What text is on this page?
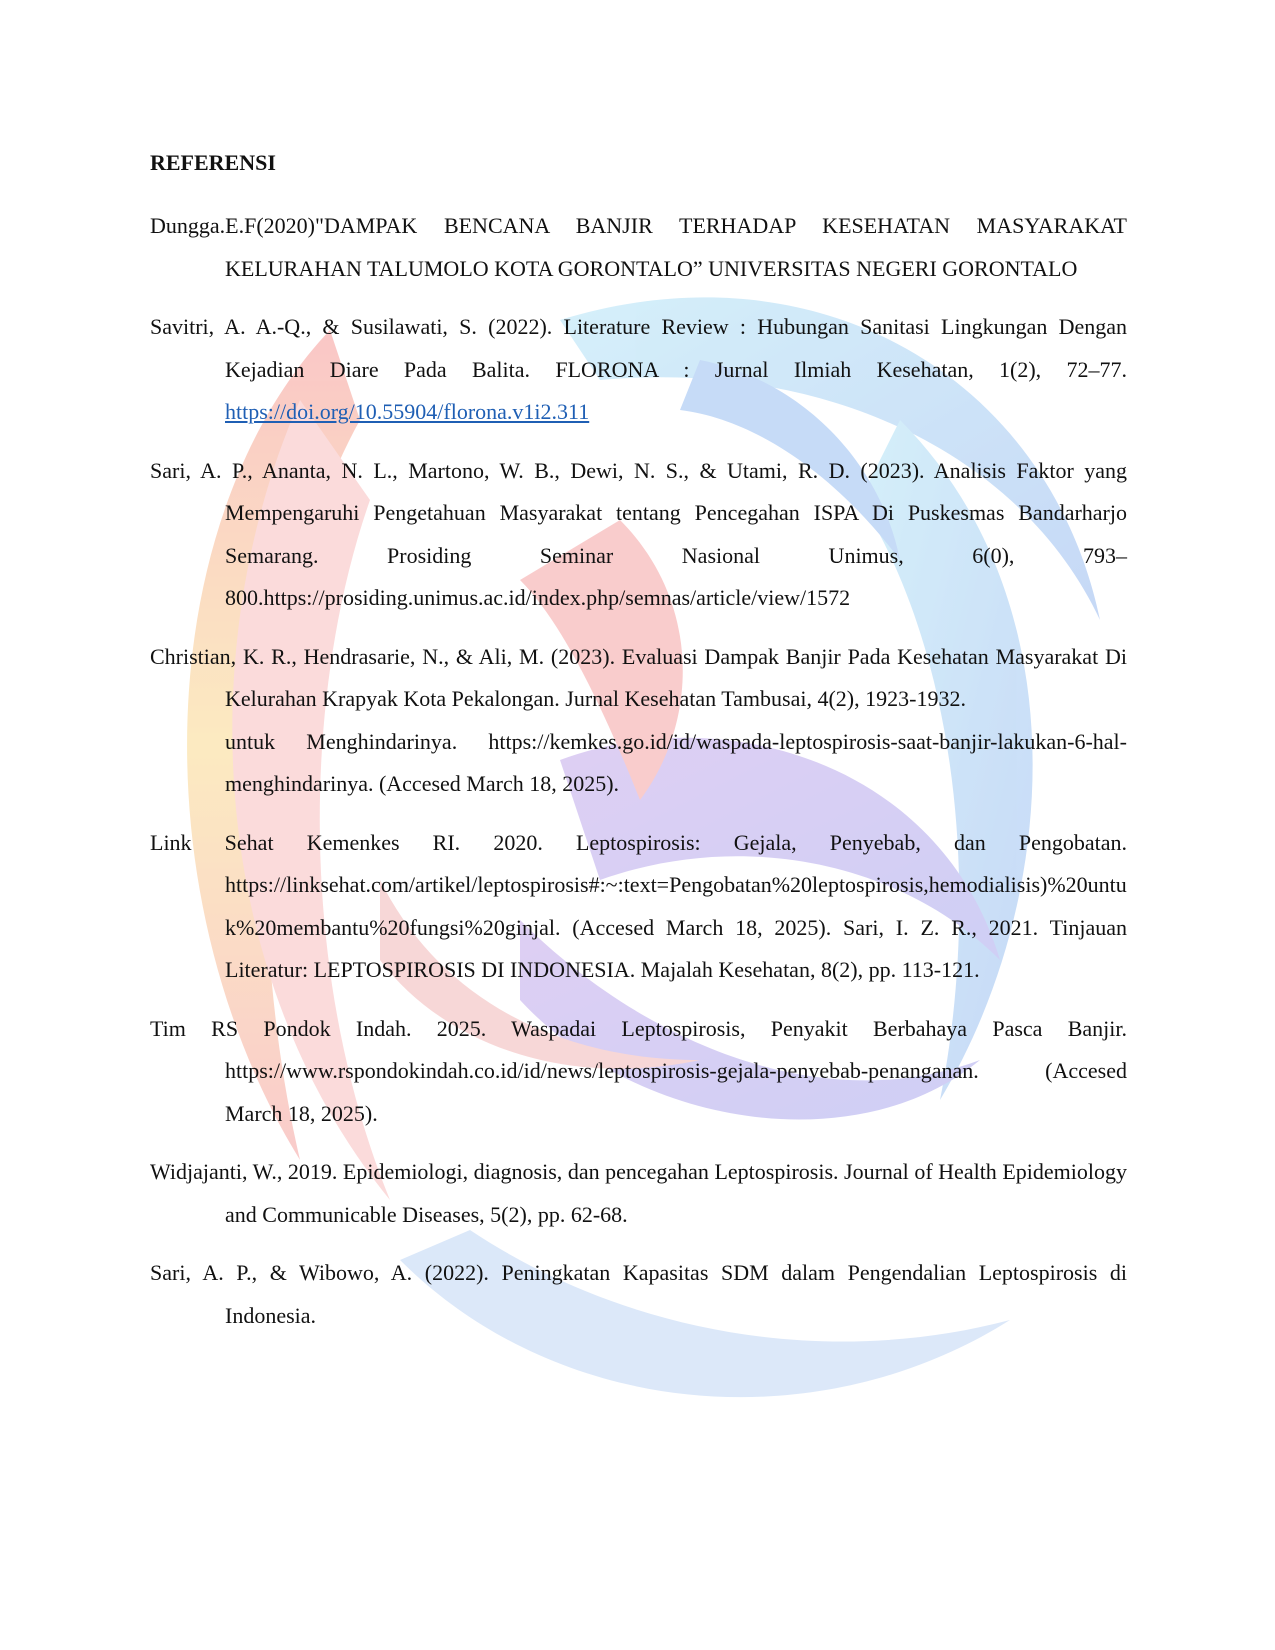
REFERENSI

Dungga.E.F(2020)"DAMPAK BENCANA BANJIR TERHADAP KESEHATAN MASYARAKAT KELURAHAN TALUMOLO KOTA GORONTALO” UNIVERSITAS NEGERI GORONTALO

Savitri, A. A.-Q., & Susilawati, S. (2022). Literature Review : Hubungan Sanitasi Lingkungan Dengan Kejadian Diare Pada Balita. FLORONA : Jurnal Ilmiah Kesehatan, 1(2), 72–77. https://doi.org/10.55904/florona.v1i2.311

Sari, A. P., Ananta, N. L., Martono, W. B., Dewi, N. S., & Utami, R. D. (2023). Analisis Faktor yang Mempengaruhi Pengetahuan Masyarakat tentang Pencegahan ISPA Di Puskesmas Bandarharjo Semarang. Prosiding Seminar Nasional Unimus, 6(0), 793–800.https://prosiding.unimus.ac.id/index.php/semnas/article/view/1572

Christian, K. R., Hendrasarie, N., & Ali, M. (2023). Evaluasi Dampak Banjir Pada Kesehatan Masyarakat Di Kelurahan Krapyak Kota Pekalongan. Jurnal Kesehatan Tambusai, 4(2), 1923-1932.
untuk Menghindarinya. https://kemkes.go.id/id/waspada-leptospirosis-saat-banjir-lakukan-6-hal-menghindarinya. (Accesed March 18, 2025).

Link Sehat Kemenkes RI. 2020. Leptospirosis: Gejala, Penyebab, dan Pengobatan. https://linksehat.com/artikel/leptospirosis#:~:text=Pengobatan%20leptospirosis,hemodialisis)%20untuk%20membantu%20fungsi%20ginjal. (Accesed March 18, 2025). Sari, I. Z. R., 2021. Tinjauan Literatur: LEPTOSPIROSIS DI INDONESIA. Majalah Kesehatan, 8(2), pp. 113-121.

Tim RS Pondok Indah. 2025. Waspadai Leptospirosis, Penyakit Berbahaya Pasca Banjir. https://www.rspondokindah.co.id/id/news/leptospirosis-gejala-penyebab-penanganan. (Accesed March 18, 2025).

Widjajanti, W., 2019. Epidemiologi, diagnosis, dan pencegahan Leptospirosis. Journal of Health Epidemiology and Communicable Diseases, 5(2), pp. 62-68.

Sari, A. P., & Wibowo, A. (2022). Peningkatan Kapasitas SDM dalam Pengendalian Leptospirosis di Indonesia.
